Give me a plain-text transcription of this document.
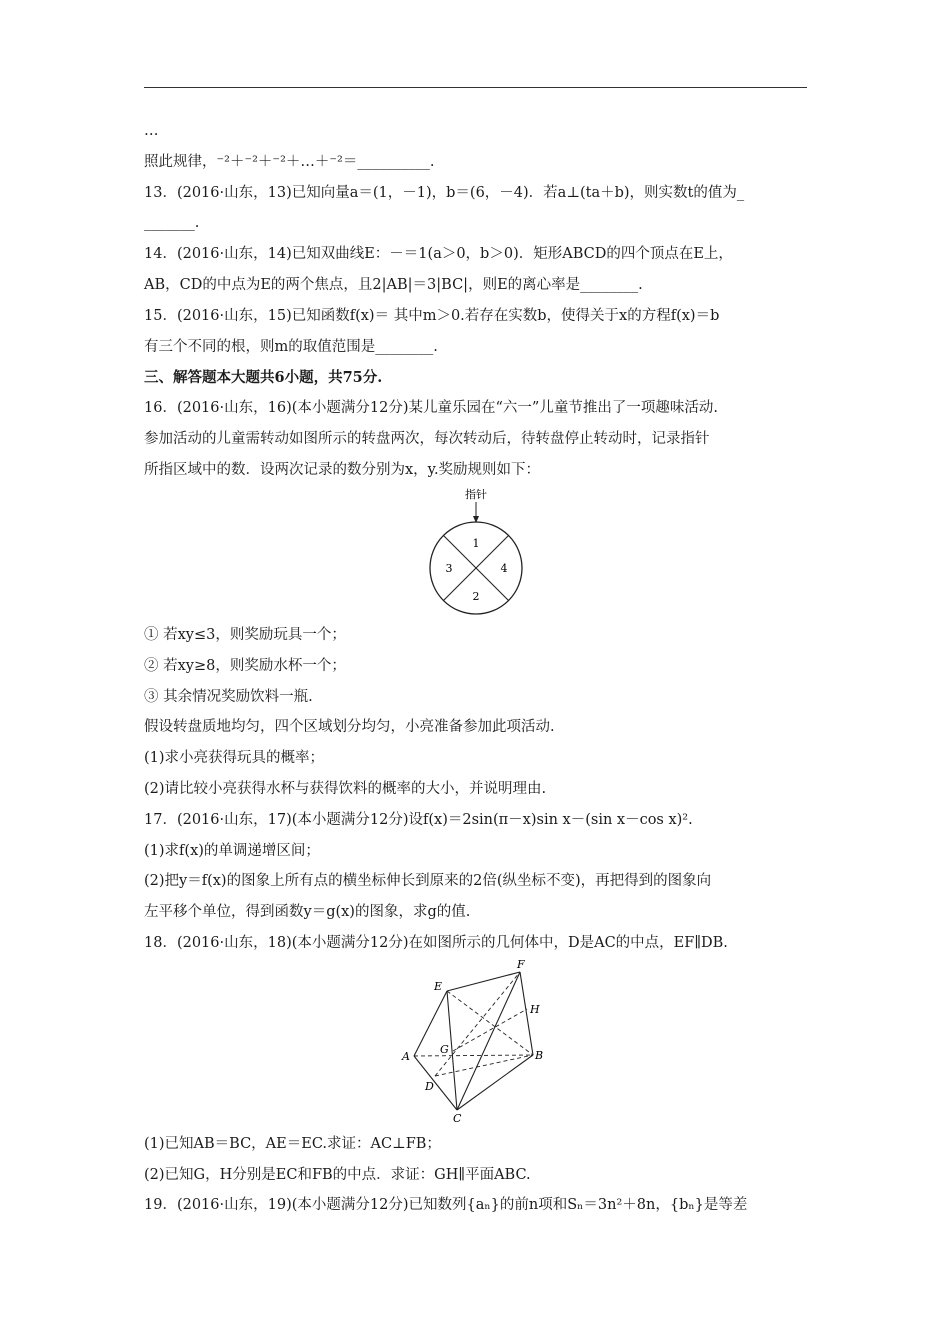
…
照此规律，⁻²＋⁻²＋⁻²＋…＋⁻²＝__________.
13．(2016·山东，13)已知向量a＝(1，－1)，b＝(6，－4)．若a⊥(ta＋b)，则实数t的值为_
_______.
14．(2016·山东，14)已知双曲线E：－＝1(a＞0，b＞0)．矩形ABCD的四个顶点在E上，
AB，CD的中点为E的两个焦点，且2|AB|＝3|BC|，则E的离心率是________.
15．(2016·山东，15)已知函数f(x)＝ 其中m＞0.若存在实数b，使得关于x的方程f(x)＝b
有三个不同的根，则m的取值范围是________.
三、解答题本大题共6小题，共75分.
16．(2016·山东，16)(本小题满分12分)某儿童乐园在“六一”儿童节推出了一项趣味活动.
参加活动的儿童需转动如图所示的转盘两次，每次转动后，待转盘停止转动时，记录指针
所指区域中的数．设两次记录的数分别为x，y.奖励规则如下：
指针
1
3	4
2
① 若xy≤3，则奖励玩具一个；
② 若xy≥8，则奖励水杯一个；
③ 其余情况奖励饮料一瓶.
假设转盘质地均匀，四个区域划分均匀，小亮准备参加此项活动.
(1)求小亮获得玩具的概率；
(2)请比较小亮获得水杯与获得饮料的概率的大小，并说明理由.
17．(2016·山东，17)(本小题满分12分)设f(x)＝2sin(π－x)sin x－(sin x－cos x)².
(1)求f(x)的单调递增区间；
(2)把y＝f(x)的图象上所有点的横坐标伸长到原来的2倍(纵坐标不变)，再把得到的图象向
左平移个单位，得到函数y＝g(x)的图象，求g的值.
18．(2016·山东，18)(本小题满分12分)在如图所示的几何体中，D是AC的中点，EF∥DB.
F
E
H
A
G	B
D
C
(1)已知AB＝BC，AE＝EC.求证：AC⊥FB；
(2)已知G，H分别是EC和FB的中点．求证：GH∥平面ABC.
19．(2016·山东，19)(本小题满分12分)已知数列{aₙ}的前n项和Sₙ＝3n²＋8n，{bₙ}是等差
